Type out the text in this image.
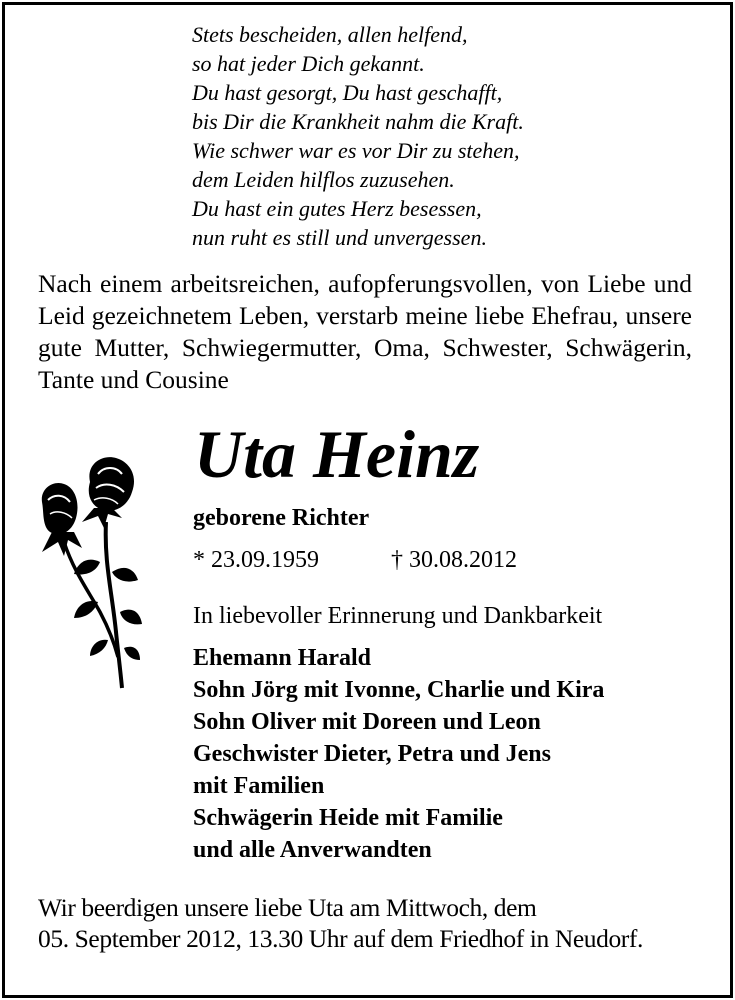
Stets bescheiden, allen helfend,
so hat jeder Dich gekannt.
Du hast gesorgt, Du hast geschafft,
bis Dir die Krankheit nahm die Kraft.
Wie schwer war es vor Dir zu stehen,
dem Leiden hilflos zuzusehen.
Du hast ein gutes Herz besessen,
nun ruht es still und unvergessen.
Nach einem arbeitsreichen, aufopferungsvollen, von Liebe und Leid gezeichnetem Leben, verstarb meine liebe Ehefrau, unsere gute Mutter, Schwiegermutter, Oma, Schwester, Schwägerin, Tante und Cousine
Uta Heinz
geborene Richter
* 23.09.1959	† 30.08.2012
In liebevoller Erinnerung und Dankbarkeit
Ehemann Harald
Sohn Jörg mit Ivonne, Charlie und Kira
Sohn Oliver mit Doreen und Leon
Geschwister Dieter, Petra und Jens
mit Familien
Schwägerin Heide mit Familie
und alle Anverwandten
Wir beerdigen unsere liebe Uta am Mittwoch, dem
05. September 2012, 13.30 Uhr auf dem Friedhof in Neudorf.
